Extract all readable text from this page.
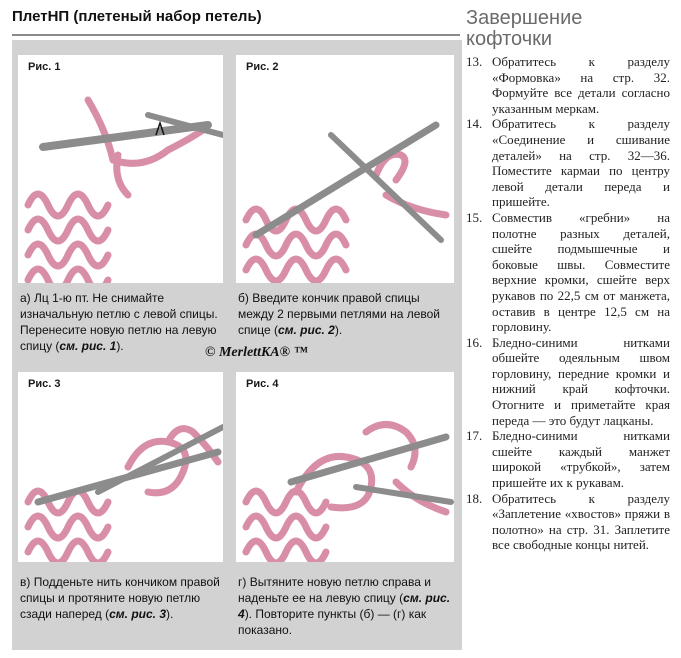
ПлетНП (плетеный набор петель)
Рис. 1	Рис. 2
а) Лц 1-ю пт. Не снимайте изначальную петлю с левой спицы. Перенесите новую петлю на левую спицу (см. рис. 1).
б) Введите кончик правой спицы между 2 первыми петлями на левой спице (см. рис. 2).
© MerlettKA® ™
Рис. 3	Рис. 4
в) Подденьте нить кончиком правой спицы и протяните новую петлю сзади наперед (см. рис. 3).
г) Вытяните новую петлю справа и наденьте ее на левую спицу (см. рис. 4). Повторите пункты (б) — (г) как показано.
Завершение
кофточки
13. Обратитесь к разделу «Формовка» на стр. 32. Формуйте все детали согласно указанным меркам.
14. Обратитесь к разделу «Соединение и сшивание деталей» на стр. 32—36. Поместите кармаи по центру левой детали переда и пришейте.
15. Совместив «гребни» на полотне разных деталей, сшейте подмышечные и боковые швы. Совместите верхние кромки, сшейте верх рукавов по 22,5 см от манжета, оставив в центре 12,5 см на горловину.
16. Бледно-синими нитками обшейте одеяльным швом горловину, передние кромки и нижний край кофточки. Отогните и приметайте края переда — это будут лацканы.
17. Бледно-синими нитками сшейте каждый манжет широкой «трубкой», затем пришейте их к рукавам.
18. Обратитесь к разделу «Заплетение «хвостов» пряжи в полотно» на стр. 31. Заплетите все свободные концы нитей.
